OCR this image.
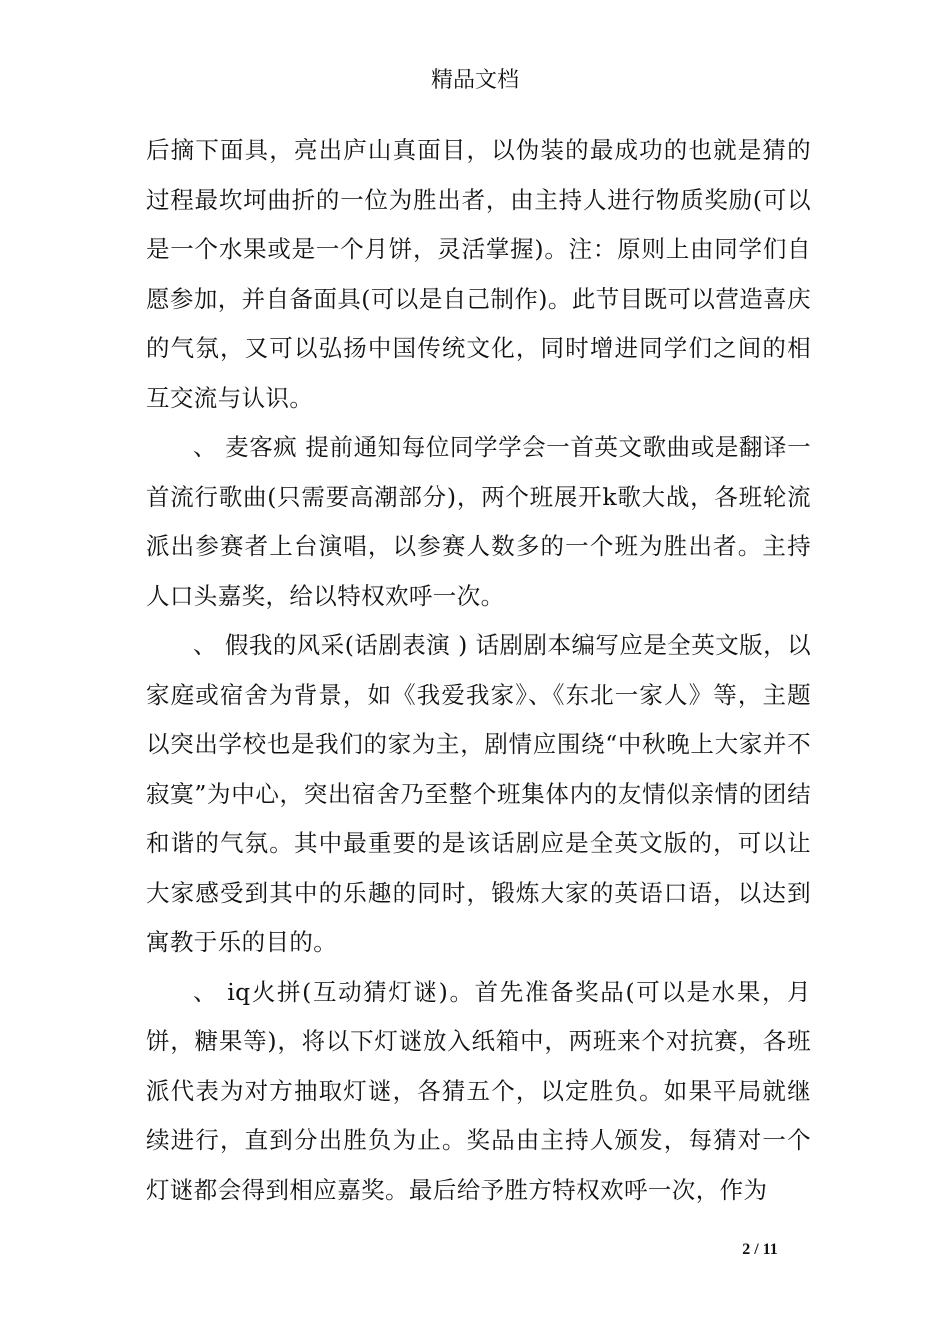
精品文档

后摘下面具，亮出庐山真面目，以伪装的最成功的也就是猜的过程最坎坷曲折的一位为胜出者，由主持人进行物质奖励(可以是一个水果或是一个月饼，灵活掌握)。注：原则上由同学们自愿参加，并自备面具(可以是自己制作)。此节目既可以营造喜庆的气氛，又可以弘扬中国传统文化，同时增进同学们之间的相互交流与认识。

、 麦客疯 提前通知每位同学学会一首英文歌曲或是翻译一首流行歌曲(只需要高潮部分)，两个班展开k歌大战，各班轮流派出参赛者上台演唱，以参赛人数多的一个班为胜出者。主持人口头嘉奖，给以特权欢呼一次。

、 假我的风采(话剧表演 ) 话剧剧本编写应是全英文版，以家庭或宿舍为背景，如《我爱我家》、《东北一家人》等，主题以突出学校也是我们的家为主，剧情应围绕“中秋晚上大家并不寂寞”为中心，突出宿舍乃至整个班集体内的友情似亲情的团结和谐的气氛。其中最重要的是该话剧应是全英文版的，可以让大家感受到其中的乐趣的同时，锻炼大家的英语口语，以达到寓教于乐的目的。

、 iq火拼(互动猜灯谜)。首先准备奖品(可以是水果，月饼，糖果等)，将以下灯谜放入纸箱中，两班来个对抗赛，各班派代表为对方抽取灯谜，各猜五个，以定胜负。如果平局就继续进行，直到分出胜负为止。奖品由主持人颁发，每猜对一个灯谜都会得到相应嘉奖。最后给予胜方特权欢呼一次，作为

2 / 11
